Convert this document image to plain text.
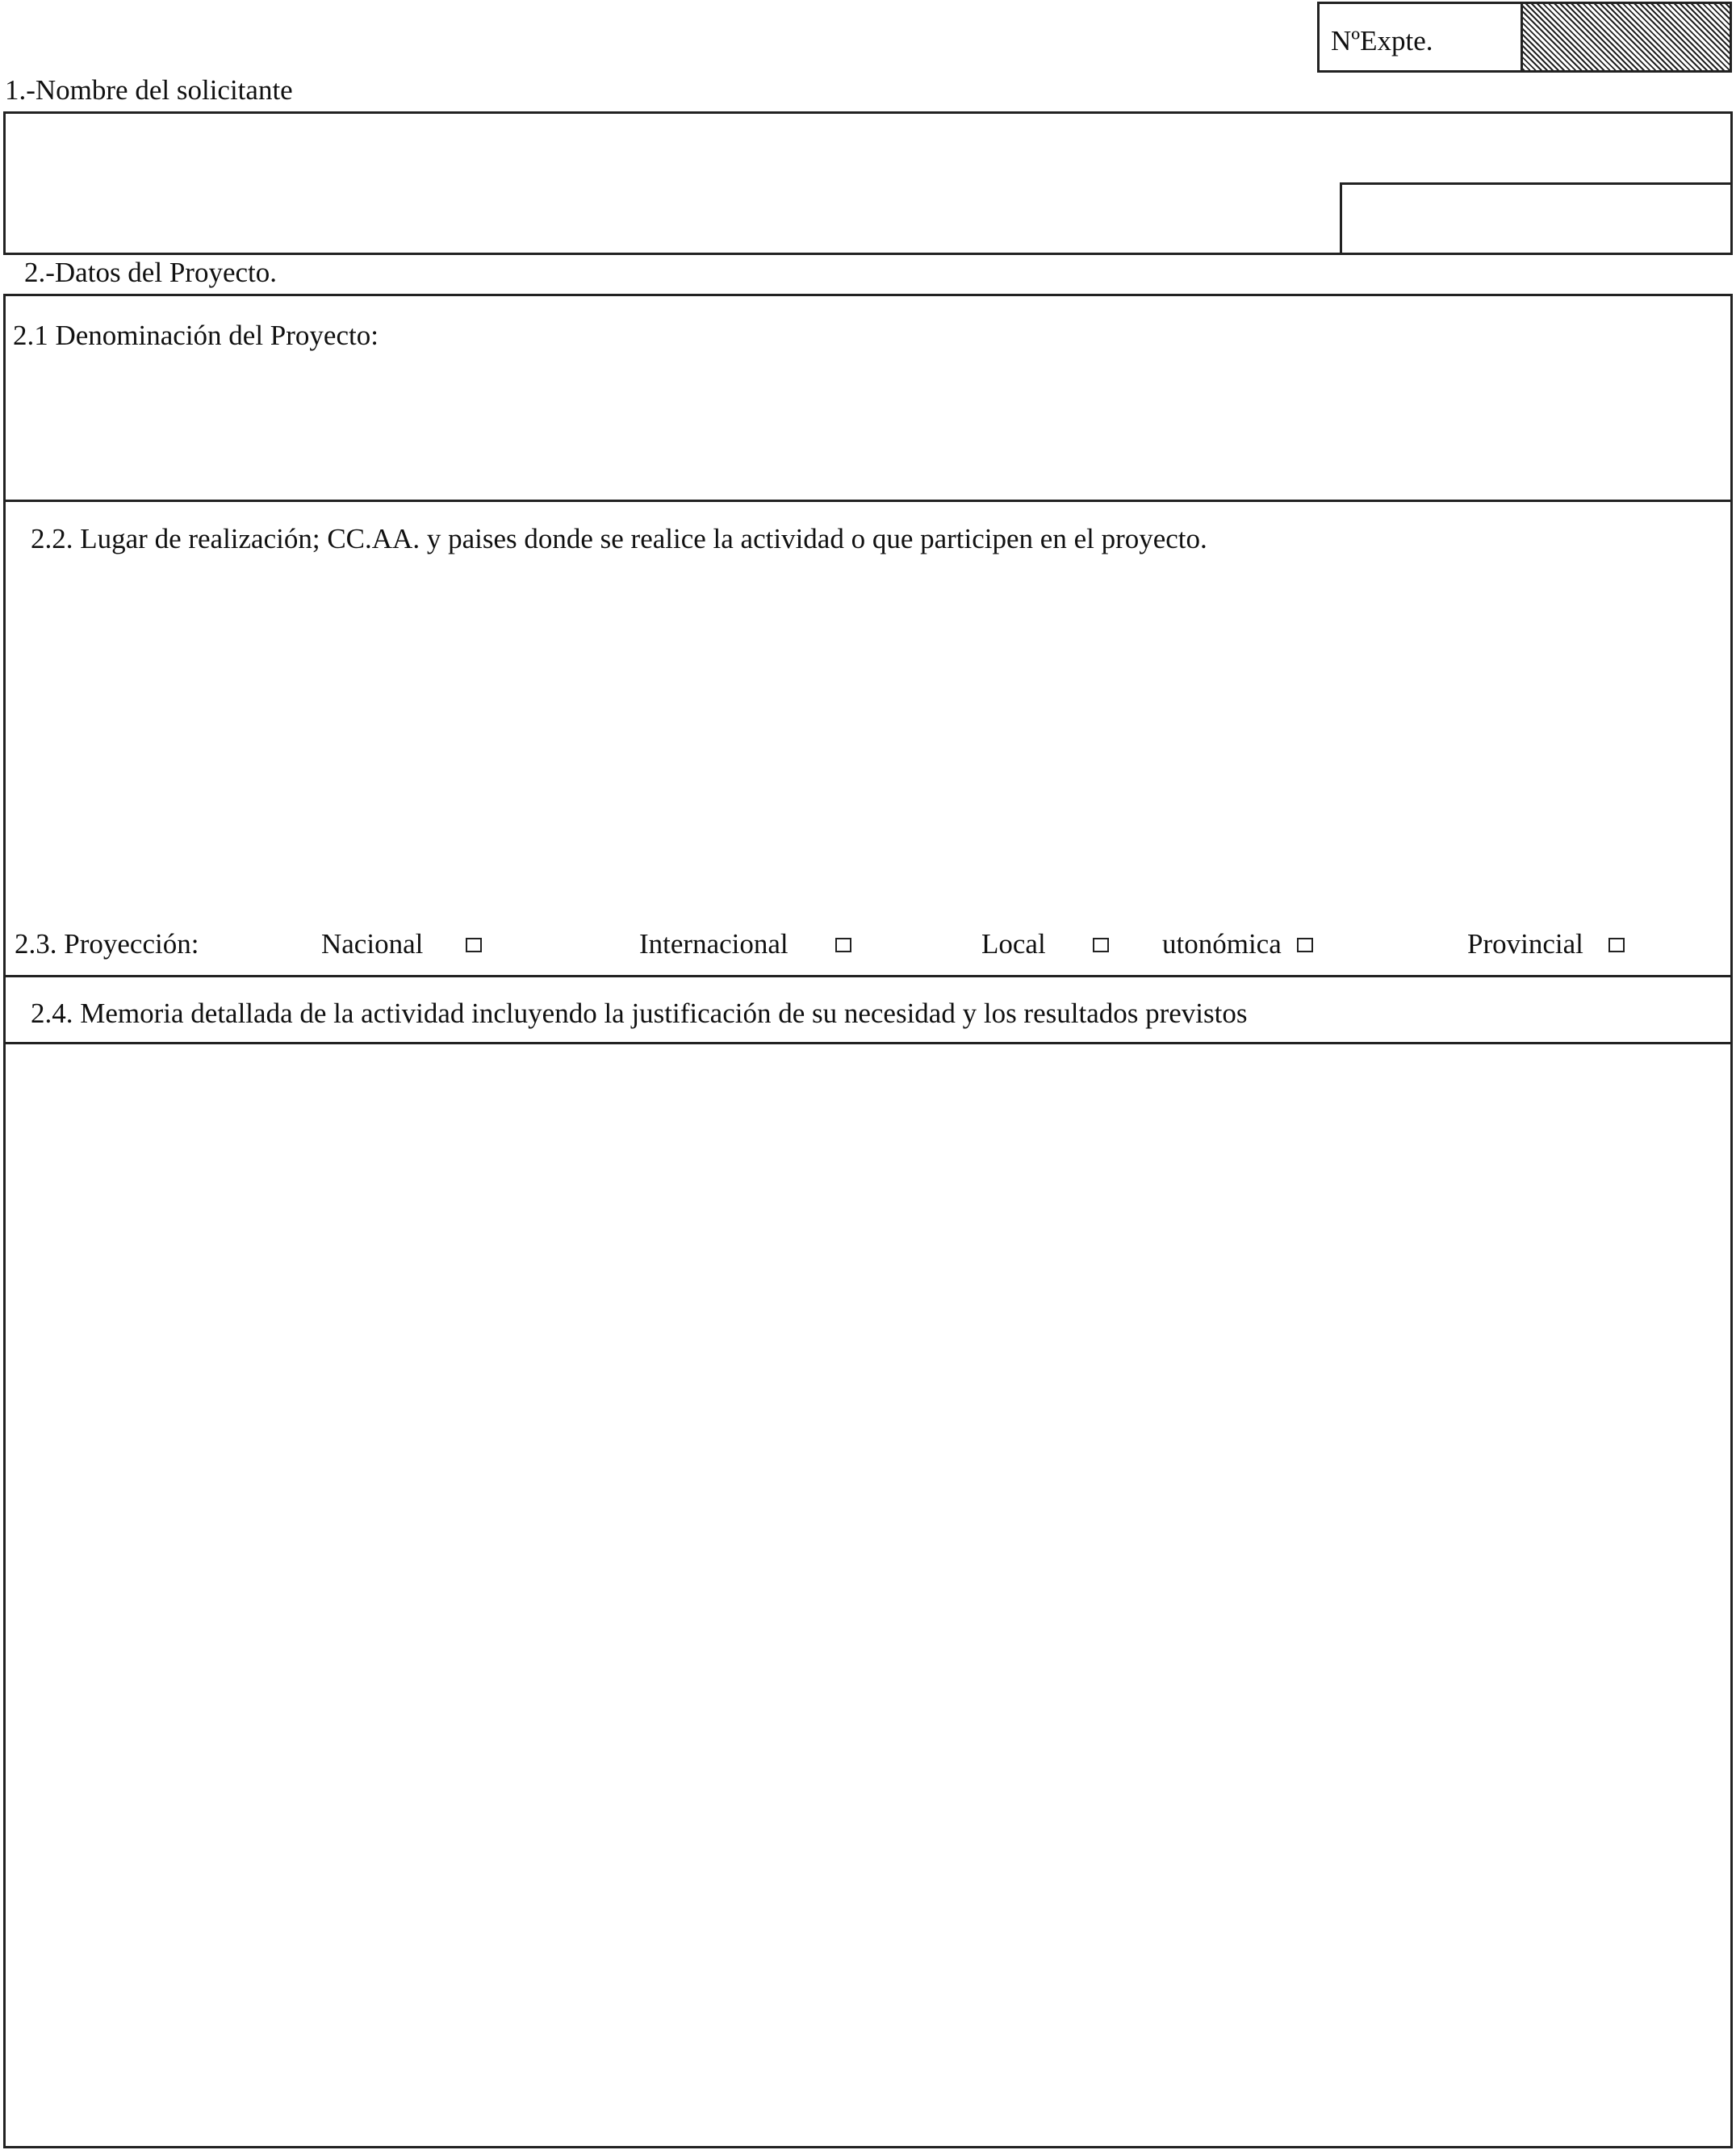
NºExpte.
1.-Nombre del solicitante
2.-Datos del Proyecto.
2.1 Denominación del Proyecto:
2.2. Lugar de realización; CC.AA. y paises donde se realice la actividad o que participen en el proyecto.
2.3. Proyección:	Nacional	Internacional	Local	utonómica	Provincial
2.4. Memoria detallada de la actividad incluyendo la justificación de su necesidad y los resultados previstos
